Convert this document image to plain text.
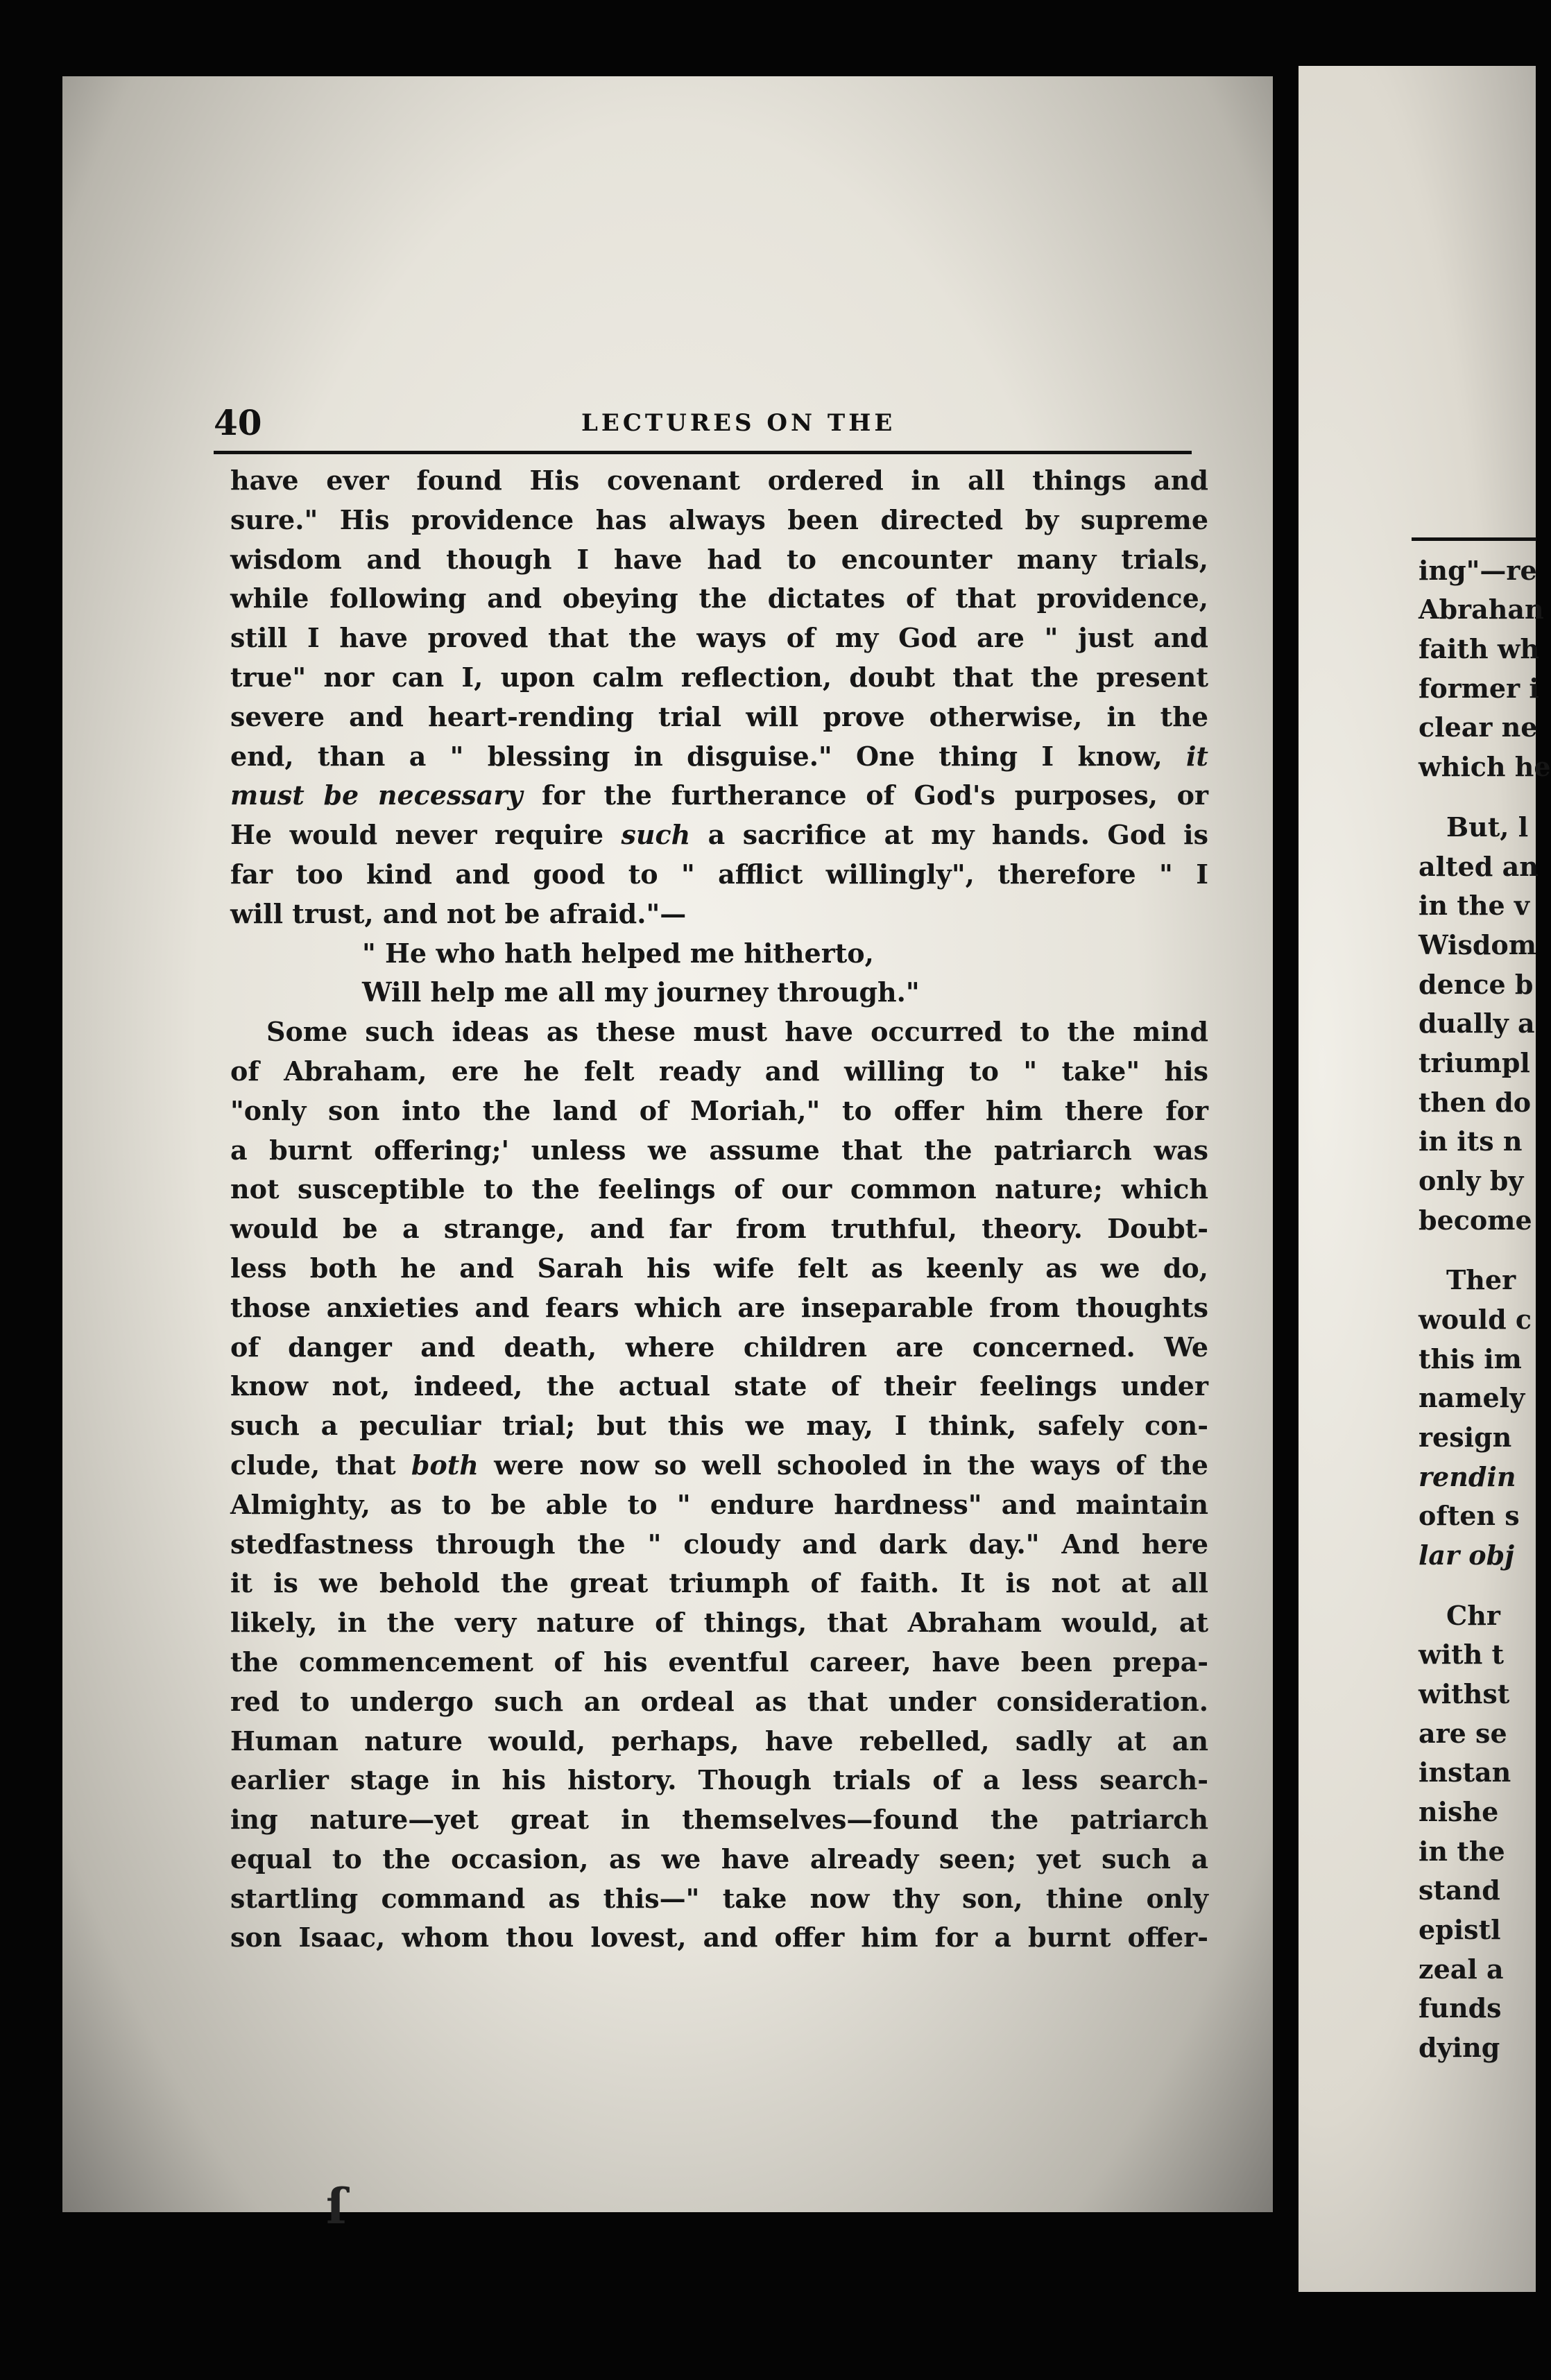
40	LECTURES ON THE
have ever found His covenant ordered in all things and
sure." His providence has always been directed by supreme
wisdom and though I have had to encounter many trials,
while following and obeying the dictates of that providence,
still I have proved that the ways of my God are " just and
true" nor can I, upon calm reflection, doubt that the present
severe and heart-rending trial will prove otherwise, in the
end, than a " blessing in disguise." One thing I know, it
must be necessary for the furtherance of God's purposes, or
He would never require such a sacrifice at my hands. God is
far too kind and good to " afflict willingly", therefore " I
will trust, and not be afraid."—
" He who hath helped me hitherto,
Will help me all my journey through."
Some such ideas as these must have occurred to the mind
of Abraham, ere he felt ready and willing to " take" his
"only son into the land of Moriah," to offer him there for
a burnt offering;' unless we assume that the patriarch was
not susceptible to the feelings of our common nature; which
would be a strange, and far from truthful, theory. Doubt-
less both he and Sarah his wife felt as keenly as we do,
those anxieties and fears which are inseparable from thoughts
of danger and death, where children are concerned. We
know not, indeed, the actual state of their feelings under
such a peculiar trial; but this we may, I think, safely con-
clude, that both were now so well schooled in the ways of the
Almighty, as to be able to " endure hardness" and maintain
stedfastness through the " cloudy and dark day." And here
it is we behold the great triumph of faith. It is not at all
likely, in the very nature of things, that Abraham would, at
the commencement of his eventful career, have been prepa-
red to undergo such an ordeal as that under consideration.
Human nature would, perhaps, have rebelled, sadly at an
earlier stage in his history. Though trials of a less search-
ing nature—yet great in themselves—found the patriarch
equal to the occasion, as we have already seen; yet such a
startling command as this—" take now thy son, thine only
son Isaac, whom thou lovest, and offer him for a burnt offer-
ing"—re
Abrahan
faith wh
former i
clear ne
which he
But, l
alted an
in the v
Wisdom
dence b
dually a
triumpl
then do
in its n
only by
become
Ther
would c
this im
namely
resign
rendin
often s
lar obj
Chr
with t
withst
are se
instan
nishe
in the
stand
epistl
zeal a
funds
dying
ſ
